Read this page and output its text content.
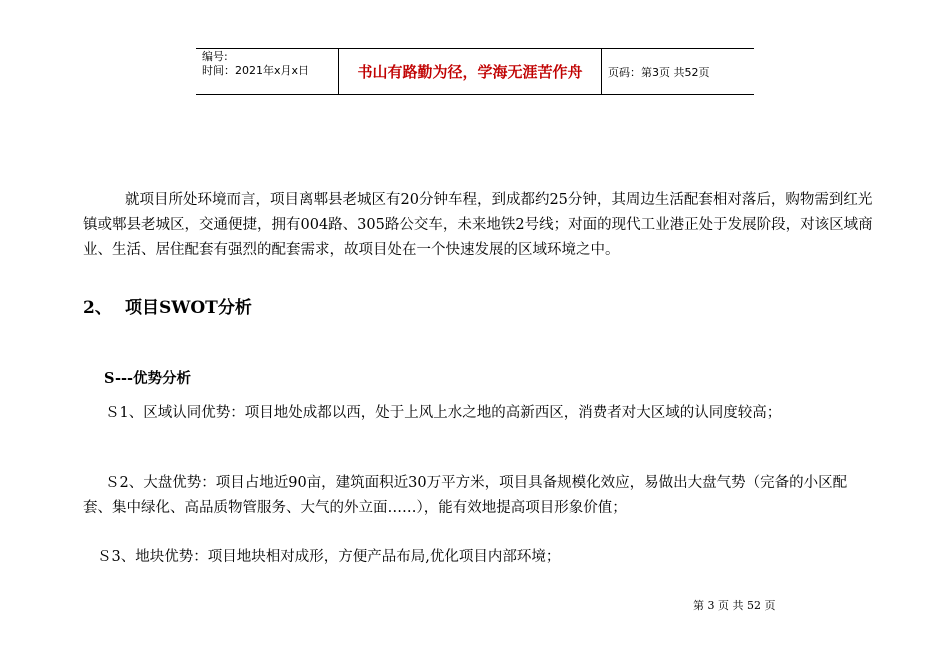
编号:
时间：2021年x月x日	书山有路勤为径，学海无涯苦作舟	页码：第3页 共52页

就项目所处环境而言，项目离郫县老城区有20分钟车程，到成都约25分钟，其周边生活配套相对落后，购物需到红光镇或郫县老城区，交通便捷，拥有004路、305路公交车，未来地铁2号线；对面的现代工业港正处于发展阶段，对该区域商业、生活、居住配套有强烈的配套需求，故项目处在一个快速发展的区域环境之中。

2、 项目SWOT分析
S---优势分析

Ｓ1、区域认同优势：项目地处成都以西，处于上风上水之地的高新西区，消费者对大区域的认同度较高；

Ｓ2、大盘优势：项目占地近90亩，建筑面积近30万平方米，项目具备规模化效应，易做出大盘气势（完备的小区配套、集中绿化、高品质物管服务、大气的外立面……），能有效地提高项目形象价值；

Ｓ3、地块优势：项目地块相对成形，方便产品布局,优化项目内部环境；

第 3 页 共 52 页
